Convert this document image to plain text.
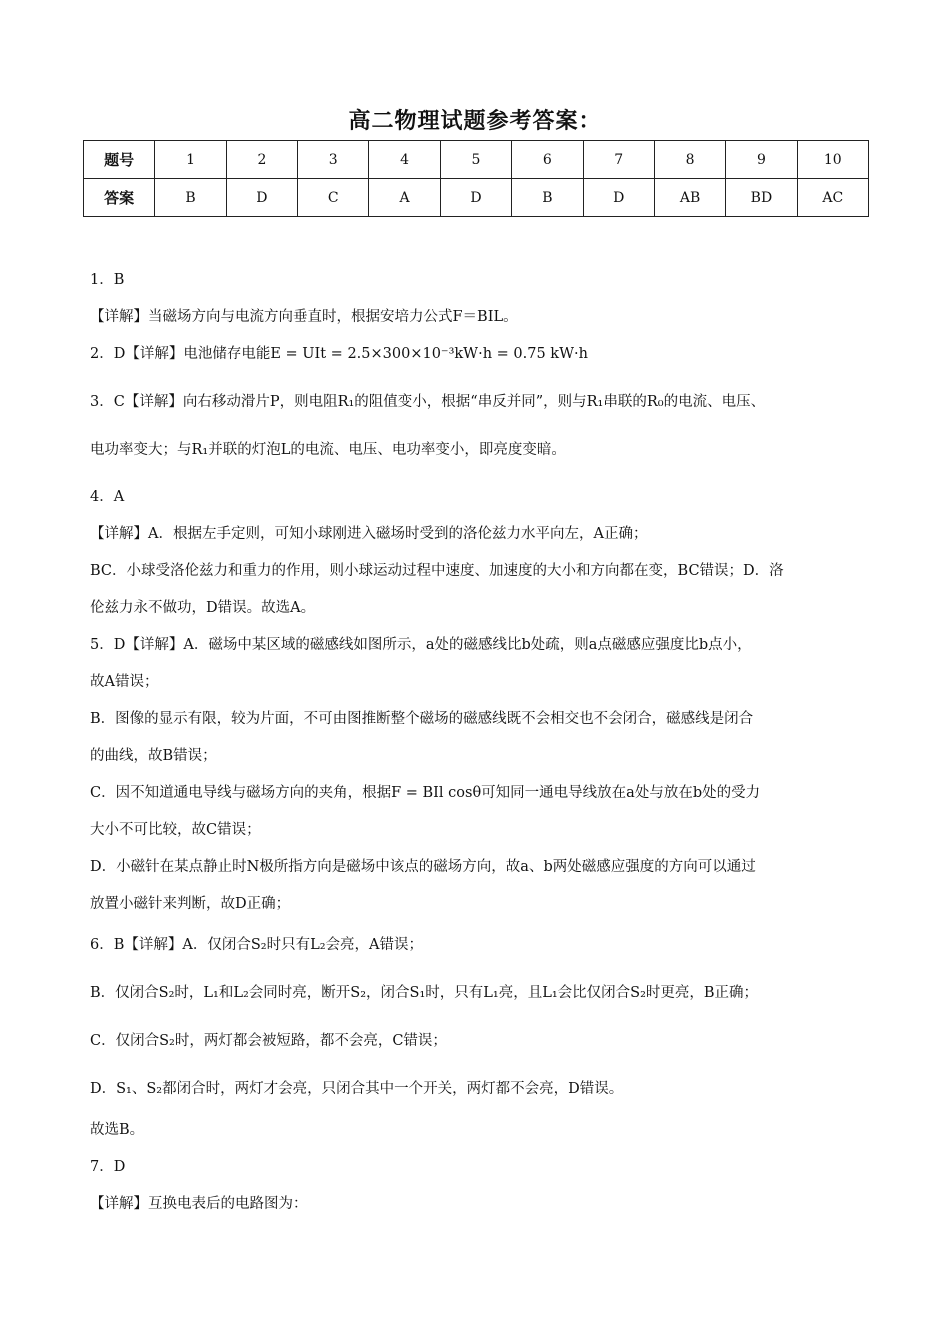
高二物理试题参考答案：
题号	1	2	3	4	5	6	7	8	9	10
答案	B	D	C	A	D	B	D	AB	BD	AC

1．B

【详解】当磁场方向与电流方向垂直时，根据安培力公式F＝BIL。

2．D【详解】电池储存电能E = UIt = 2.5×300×10⁻³kW·h = 0.75 kW·h

3．C【详解】向右移动滑片P，则电阻R₁的阻值变小，根据“串反并同”，则与R₁串联的R₀的电流、电压、

电功率变大；与R₁并联的灯泡L的电流、电压、电功率变小，即亮度变暗。

4．A

【详解】A．根据左手定则，可知小球刚进入磁场时受到的洛伦兹力水平向左，A正确；

BC．小球受洛伦兹力和重力的作用，则小球运动过程中速度、加速度的大小和方向都在变，BC错误；D．洛

伦兹力永不做功，D错误。故选A。

5．D【详解】A．磁场中某区域的磁感线如图所示，a处的磁感线比b处疏，则a点磁感应强度比b点小，

故A错误；

B．图像的显示有限，较为片面，不可由图推断整个磁场的磁感线既不会相交也不会闭合，磁感线是闭合

的曲线，故B错误；

C．因不知道通电导线与磁场方向的夹角，根据F = BIl cosθ可知同一通电导线放在a处与放在b处的受力

大小不可比较，故C错误；

D．小磁针在某点静止时N极所指方向是磁场中该点的磁场方向，故a、b两处磁感应强度的方向可以通过

放置小磁针来判断，故D正确；

6．B【详解】A．仅闭合S₂时只有L₂会亮，A错误；

B．仅闭合S₂时，L₁和L₂会同时亮，断开S₂，闭合S₁时，只有L₁亮，且L₁会比仅闭合S₂时更亮，B正确；

C．仅闭合S₂时，两灯都会被短路，都不会亮，C错误；

D．S₁、S₂都闭合时，两灯才会亮，只闭合其中一个开关，两灯都不会亮，D错误。

故选B。

7．D

【详解】互换电表后的电路图为：
